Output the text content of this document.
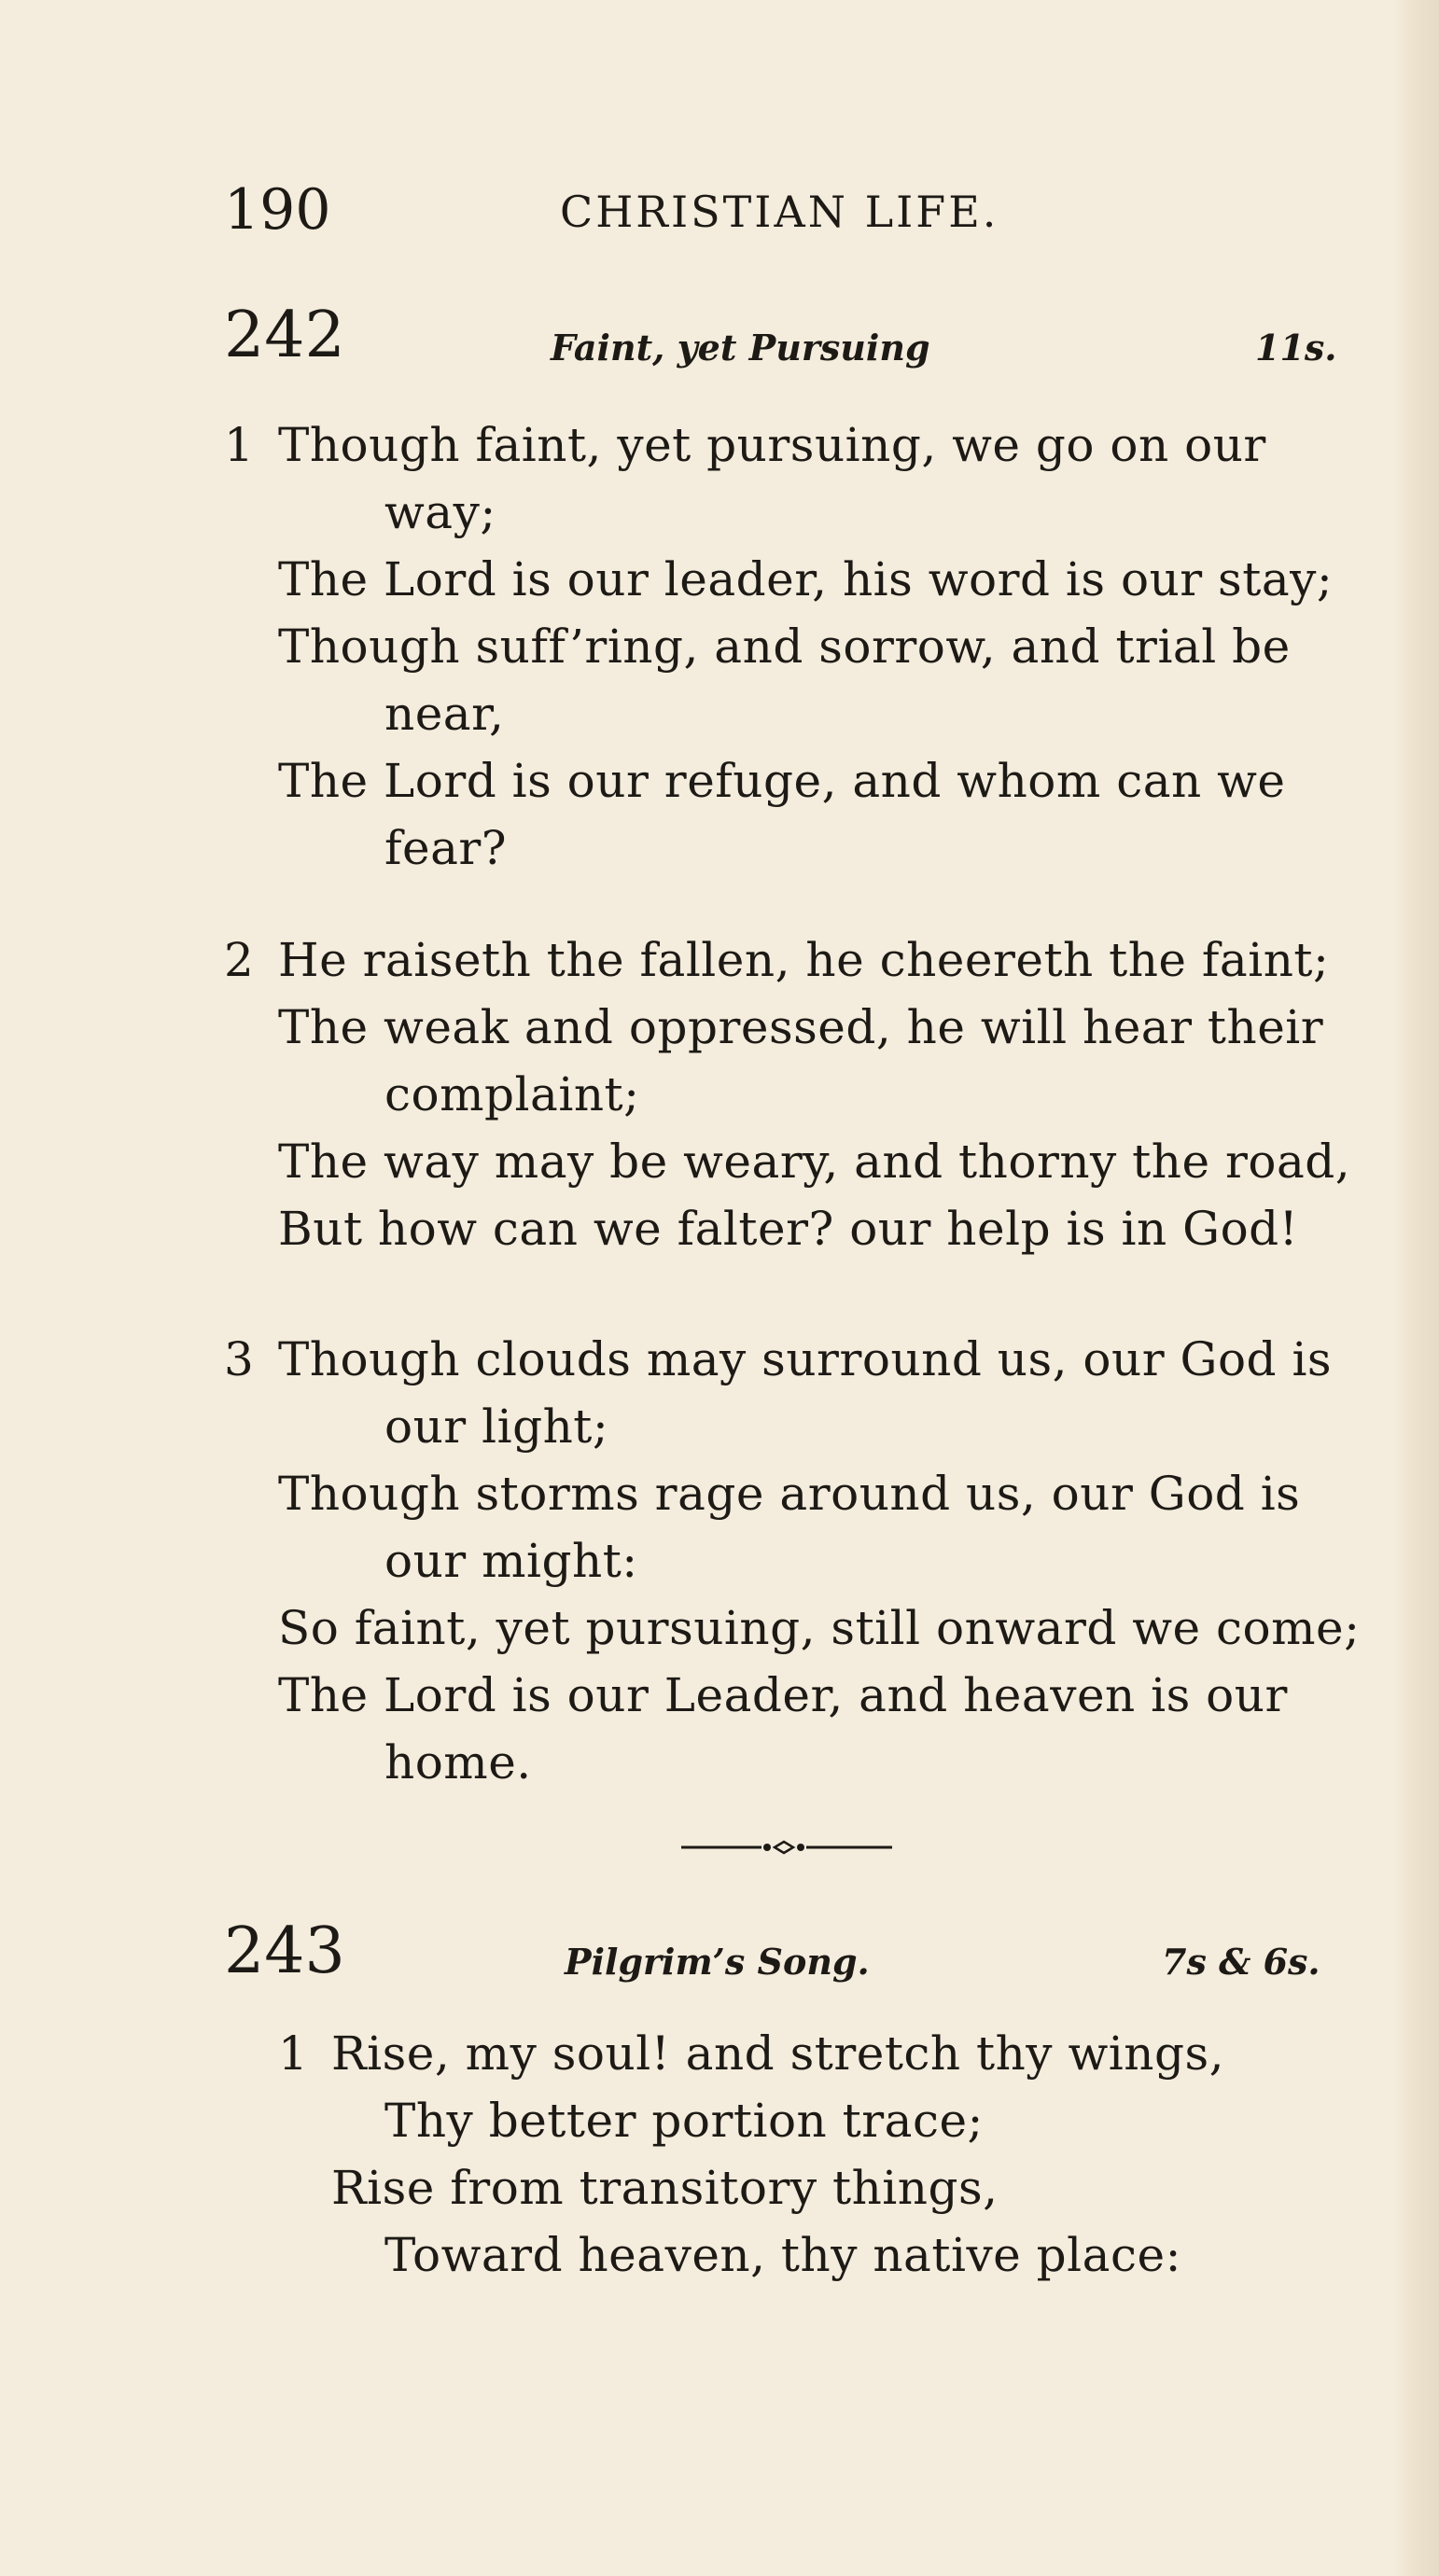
190	CHRISTIAN LIFE.
242	Faint, yet Pursuing	11s.
1 Though faint, yet pursuing, we go on our
way;
The Lord is our leader, his word is our stay;
Though suff’ring, and sorrow, and trial be
near,
The Lord is our refuge, and whom can we
fear?
2 He raiseth the fallen, he cheereth the faint;
The weak and oppressed, he will hear their
complaint;
The way may be weary, and thorny the road,
But how can we falter? our help is in God!
3 Though clouds may surround us, our God is
our light;
Though storms rage around us, our God is
our might:
So faint, yet pursuing, still onward we come;
The Lord is our Leader, and heaven is our
home.
243	Pilgrim’s Song.	7s & 6s.
1 Rise, my soul! and stretch thy wings,
Thy better portion trace;
Rise from transitory things,
Toward heaven, thy native place:
